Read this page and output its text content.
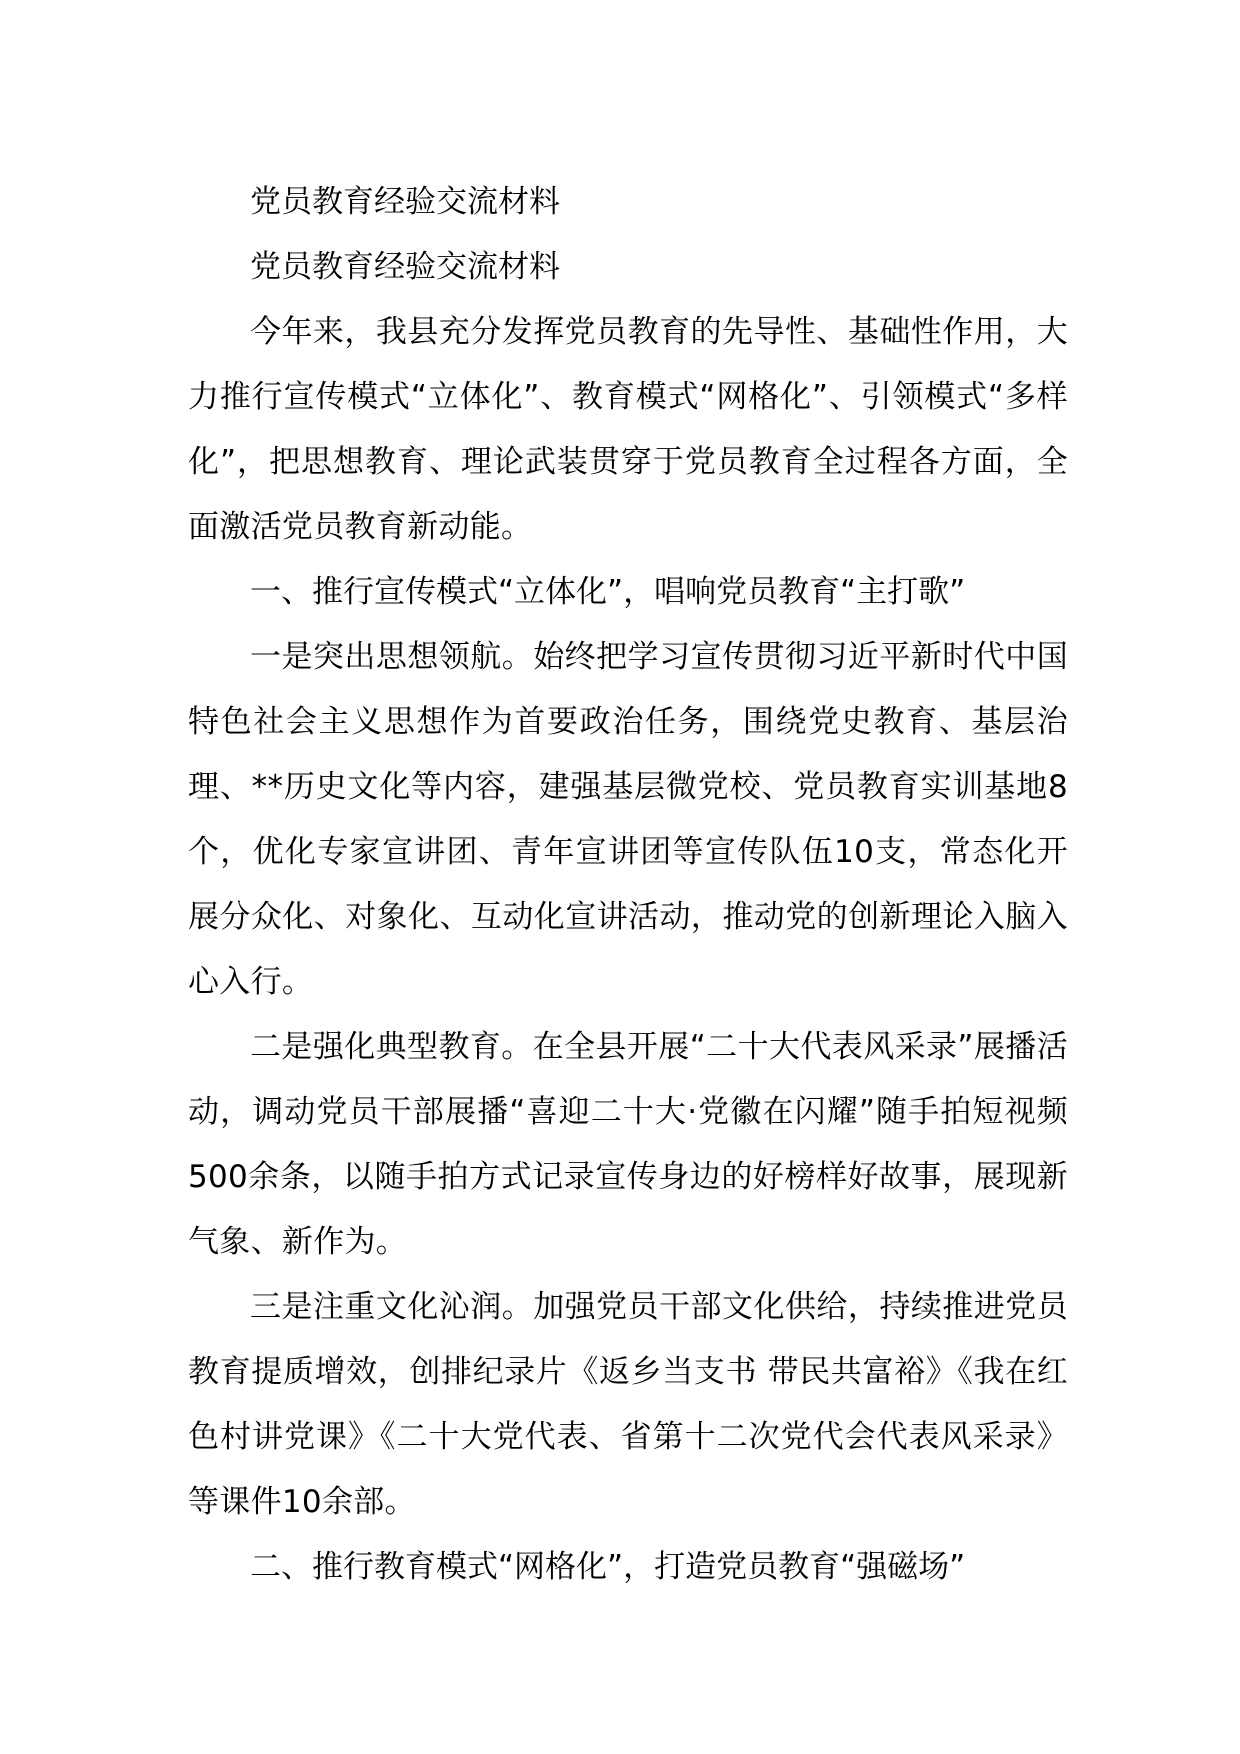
党员教育经验交流材料

党员教育经验交流材料

今年来，我县充分发挥党员教育的先导性、基础性作用，大力推行宣传模式“立体化”、教育模式“网格化”、引领模式“多样化”，把思想教育、理论武装贯穿于党员教育全过程各方面，全面激活党员教育新动能。

一、推行宣传模式“立体化”，唱响党员教育“主打歌”

一是突出思想领航。始终把学习宣传贯彻习近平新时代中国特色社会主义思想作为首要政治任务，围绕党史教育、基层治理、**历史文化等内容，建强基层微党校、党员教育实训基地8个，优化专家宣讲团、青年宣讲团等宣传队伍10支，常态化开展分众化、对象化、互动化宣讲活动，推动党的创新理论入脑入心入行。

二是强化典型教育。在全县开展“二十大代表风采录”展播活动，调动党员干部展播“喜迎二十大·党徽在闪耀”随手拍短视频500余条，以随手拍方式记录宣传身边的好榜样好故事，展现新气象、新作为。

三是注重文化沁润。加强党员干部文化供给，持续推进党员教育提质增效，创排纪录片《返乡当支书 带民共富裕》《我在红色村讲党课》《二十大党代表、省第十二次党代会代表风采录》等课件10余部。

二、推行教育模式“网格化”，打造党员教育“强磁场”
